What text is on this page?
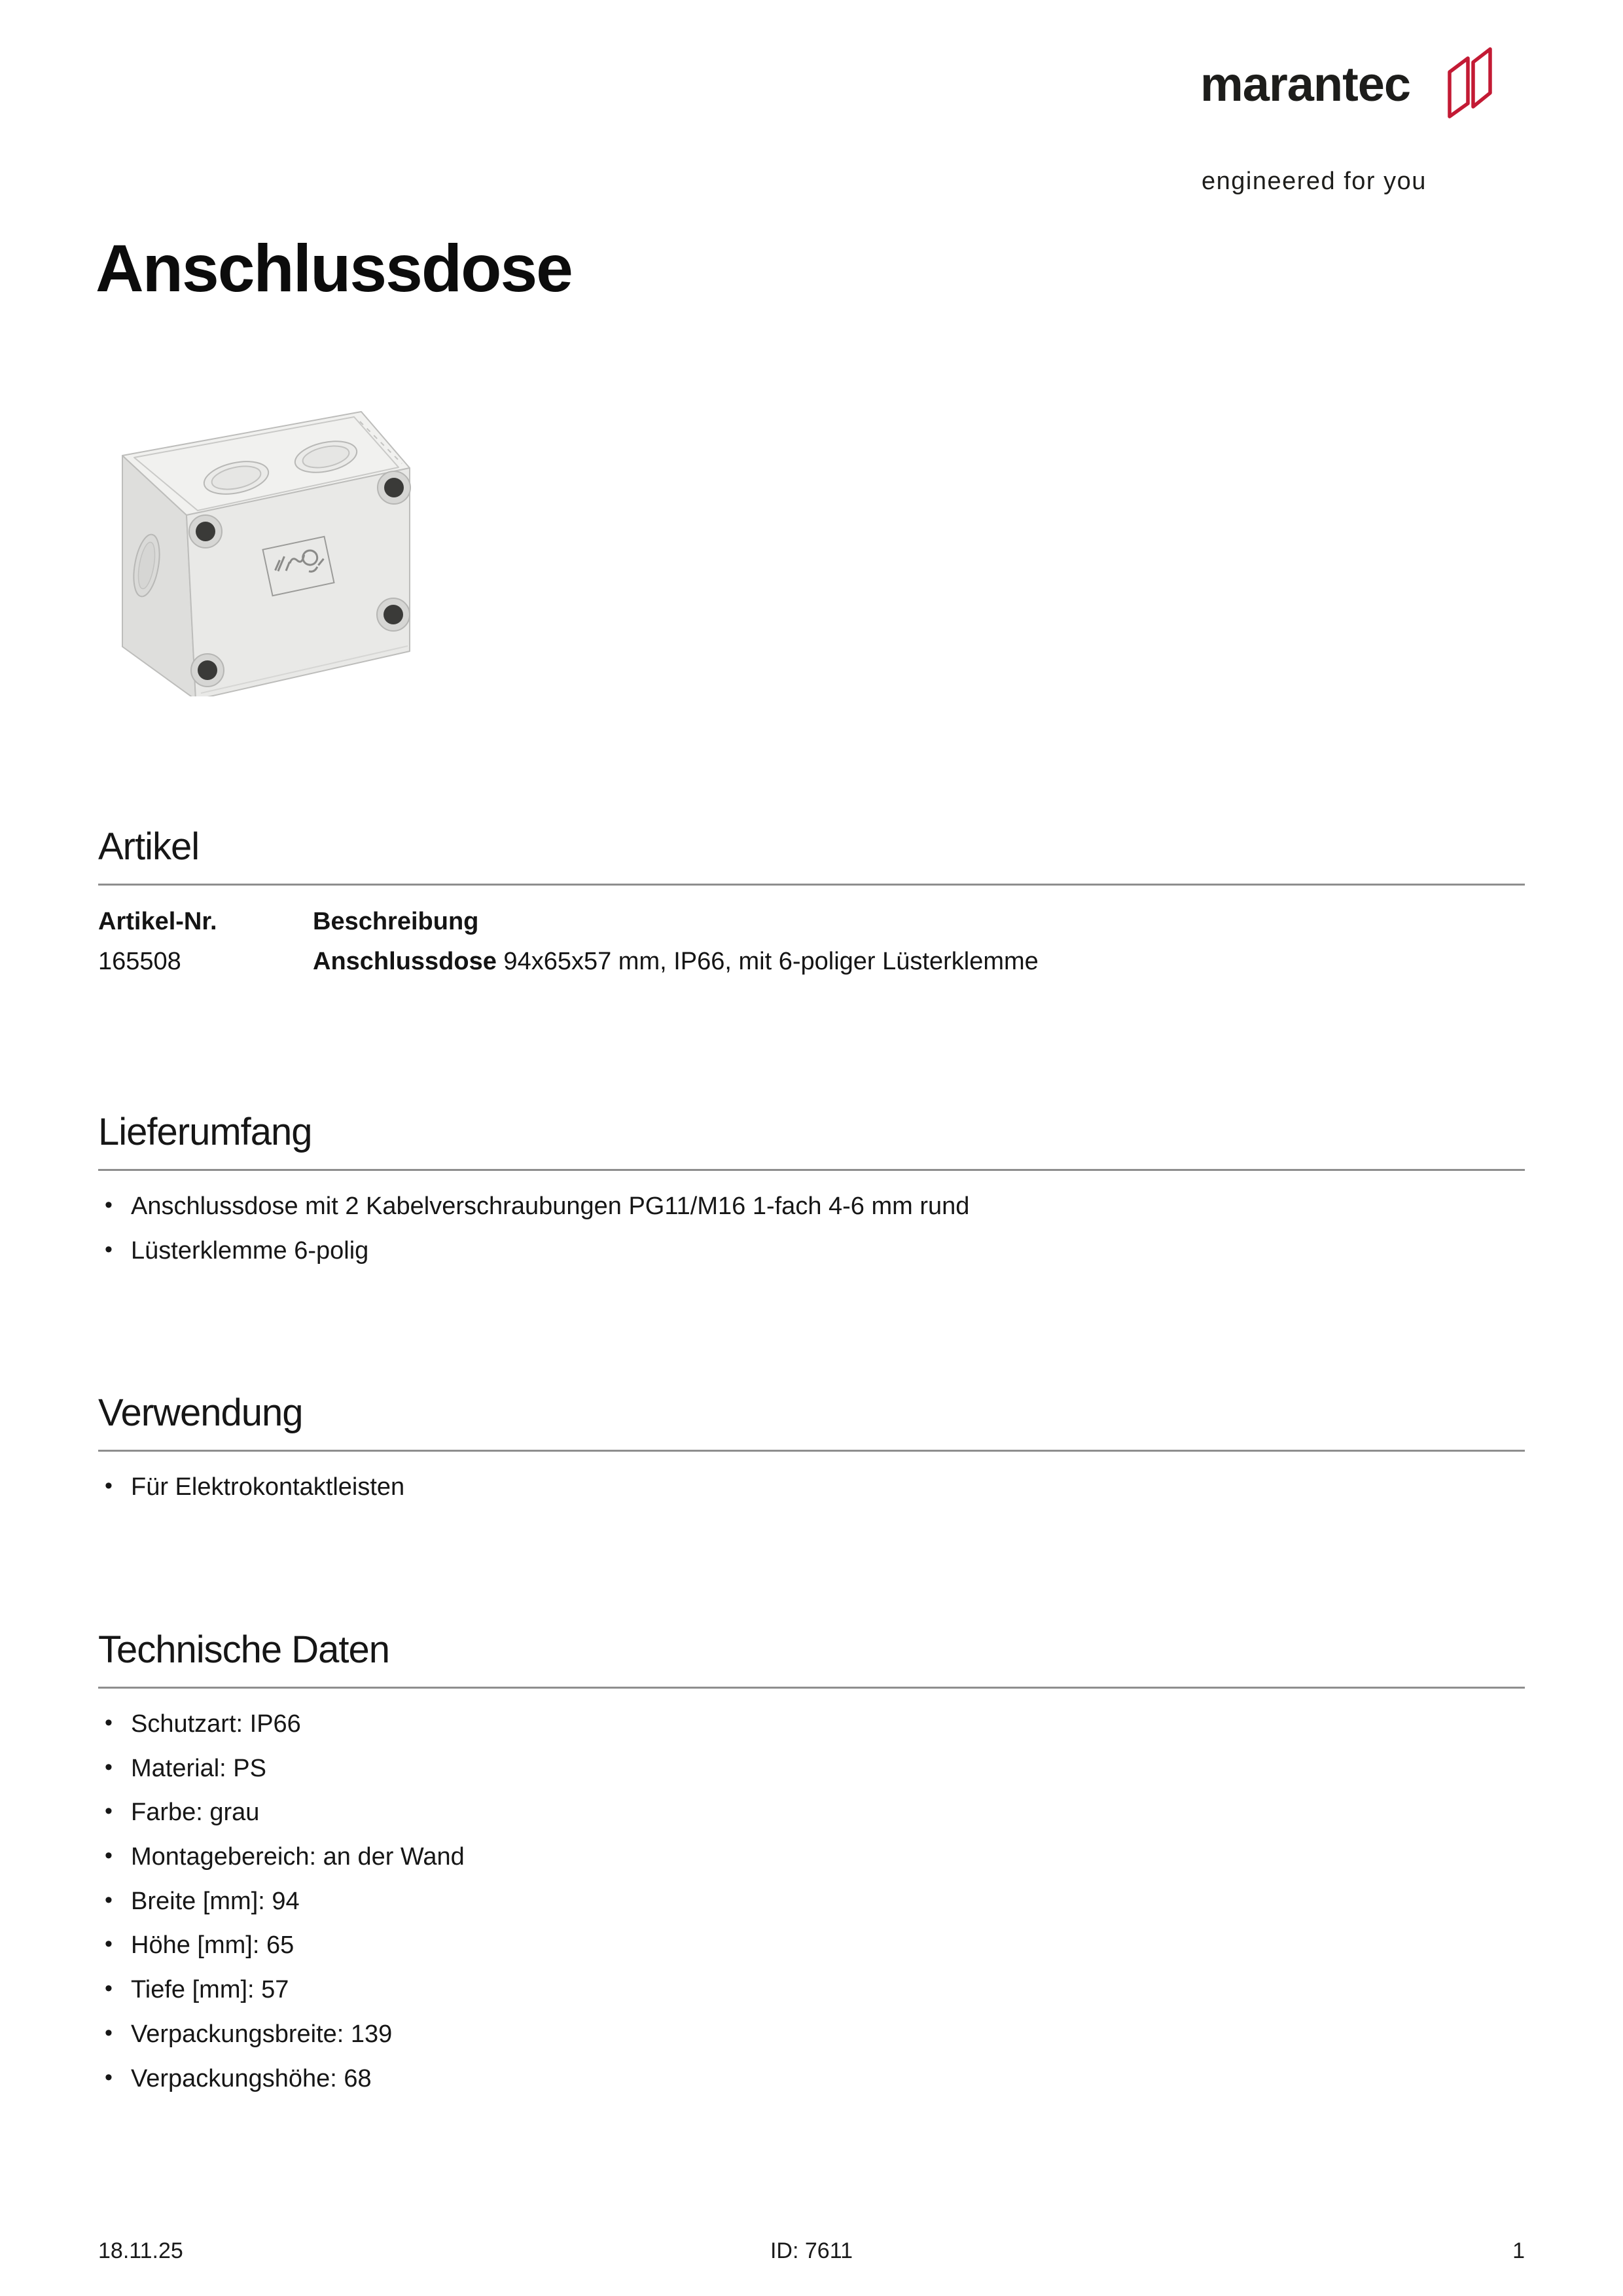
marantec
engineered for you
Anschlussdose
Artikel
Artikel-Nr.	Beschreibung
165508	Anschlussdose 94x65x57 mm, IP66, mit 6-poliger Lüsterklemme
Lieferumfang
• Anschlussdose mit 2 Kabelverschraubungen PG11/M16 1-fach 4-6 mm rund
• Lüsterklemme 6-polig
Verwendung
• Für Elektrokontaktleisten
Technische Daten
• Schutzart: IP66
• Material: PS
• Farbe: grau
• Montagebereich: an der Wand
• Breite [mm]: 94
• Höhe [mm]: 65
• Tiefe [mm]: 57
• Verpackungsbreite: 139
• Verpackungshöhe: 68
18.11.25	ID: 7611	1
